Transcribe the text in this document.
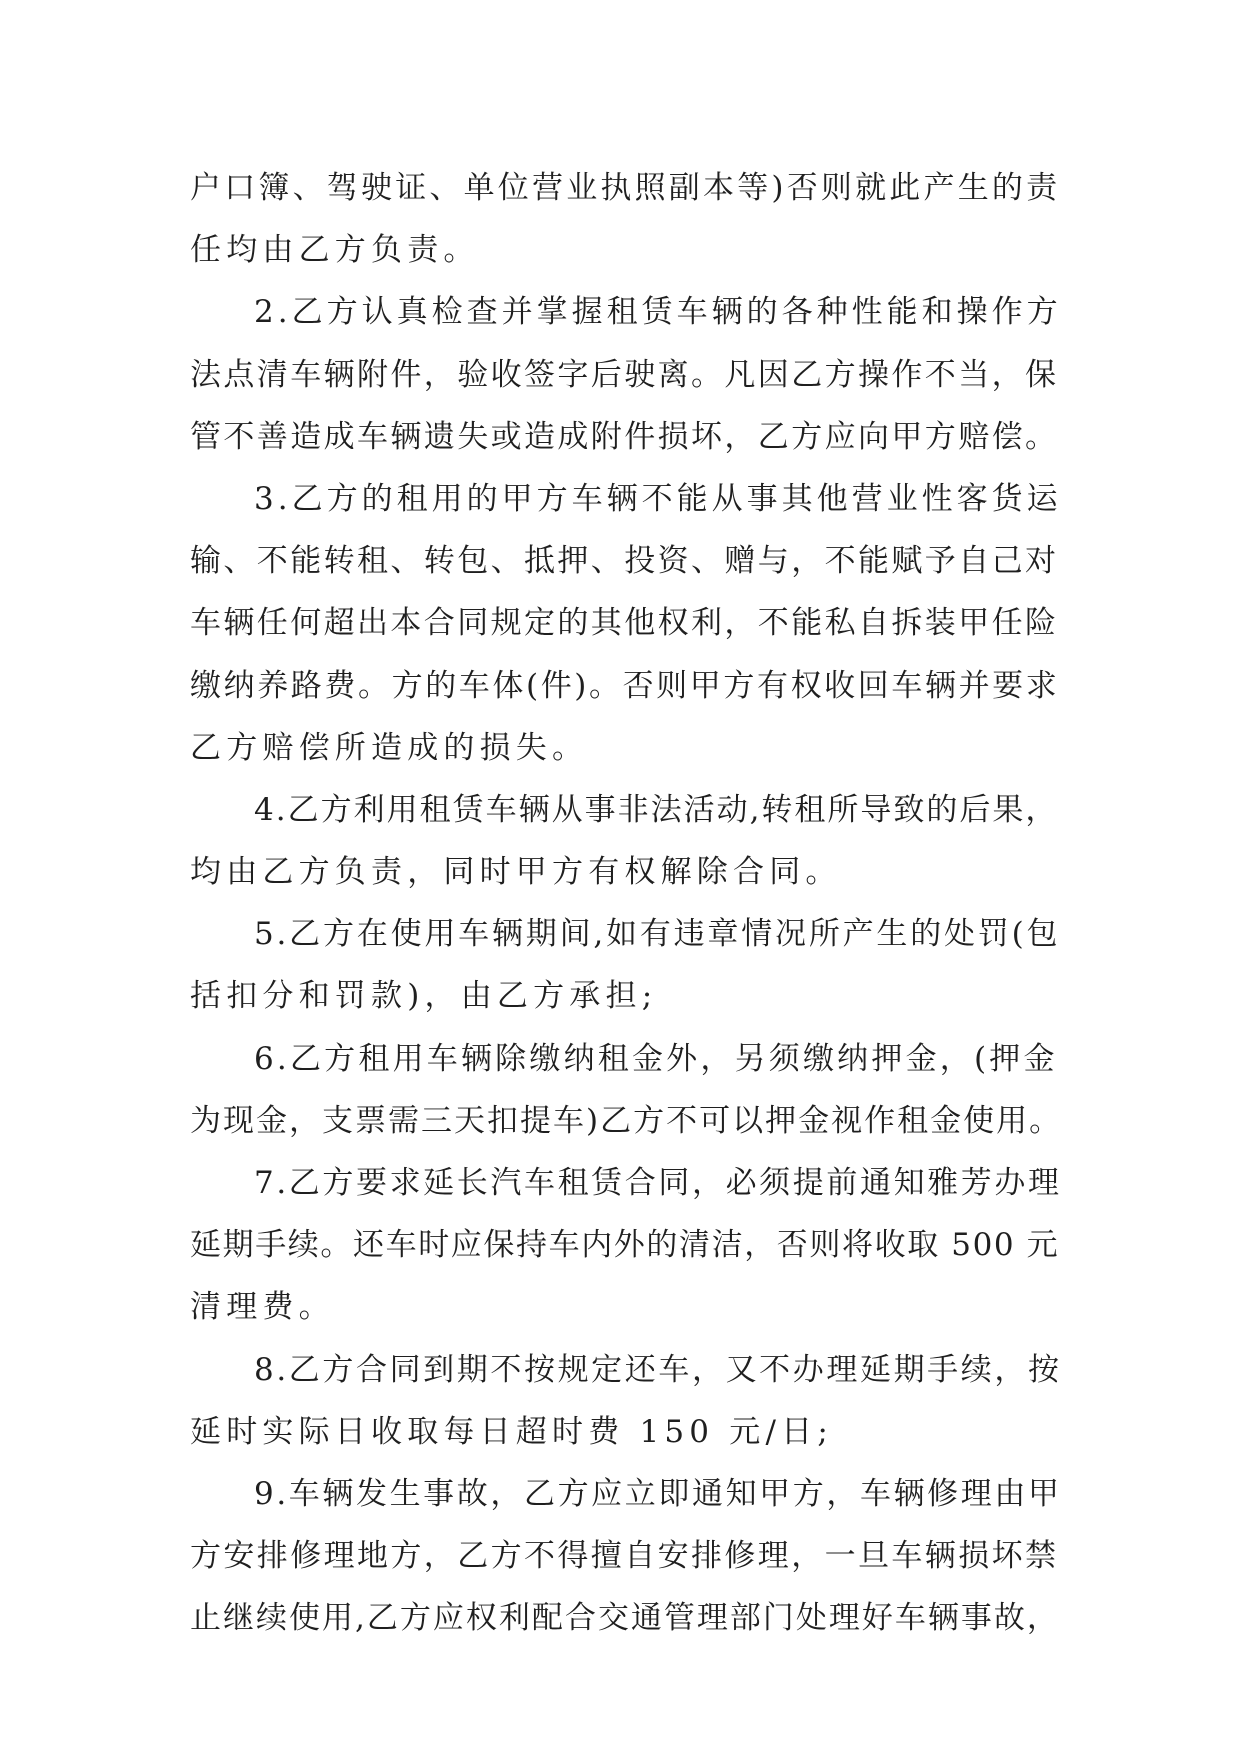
户口簿、驾驶证、单位营业执照副本等)否则就此产生的责
任均由乙方负责。
2.乙方认真检查并掌握租赁车辆的各种性能和操作方
法点清车辆附件，验收签字后驶离。凡因乙方操作不当，保
管不善造成车辆遗失或造成附件损坏，乙方应向甲方赔偿。
3.乙方的租用的甲方车辆不能从事其他营业性客货运
输、不能转租、转包、抵押、投资、赠与，不能赋予自己对
车辆任何超出本合同规定的其他权利，不能私自拆装甲任险
缴纳养路费。方的车体(件)。否则甲方有权收回车辆并要求
乙方赔偿所造成的损失。
4.乙方利用租赁车辆从事非法活动,转租所导致的后果，
均由乙方负责，同时甲方有权解除合同。
5.乙方在使用车辆期间,如有违章情况所产生的处罚(包
括扣分和罚款)，由乙方承担;
6.乙方租用车辆除缴纳租金外，另须缴纳押金，(押金
为现金，支票需三天扣提车)乙方不可以押金视作租金使用。
7.乙方要求延长汽车租赁合同，必须提前通知雅芳办理
延期手续。还车时应保持车内外的清洁，否则将收取 500 元
清理费。
8.乙方合同到期不按规定还车，又不办理延期手续，按
延时实际日收取每日超时费 150 元/日;
9.车辆发生事故，乙方应立即通知甲方，车辆修理由甲
方安排修理地方，乙方不得擅自安排修理，一旦车辆损坏禁
止继续使用,乙方应权利配合交通管理部门处理好车辆事故，
